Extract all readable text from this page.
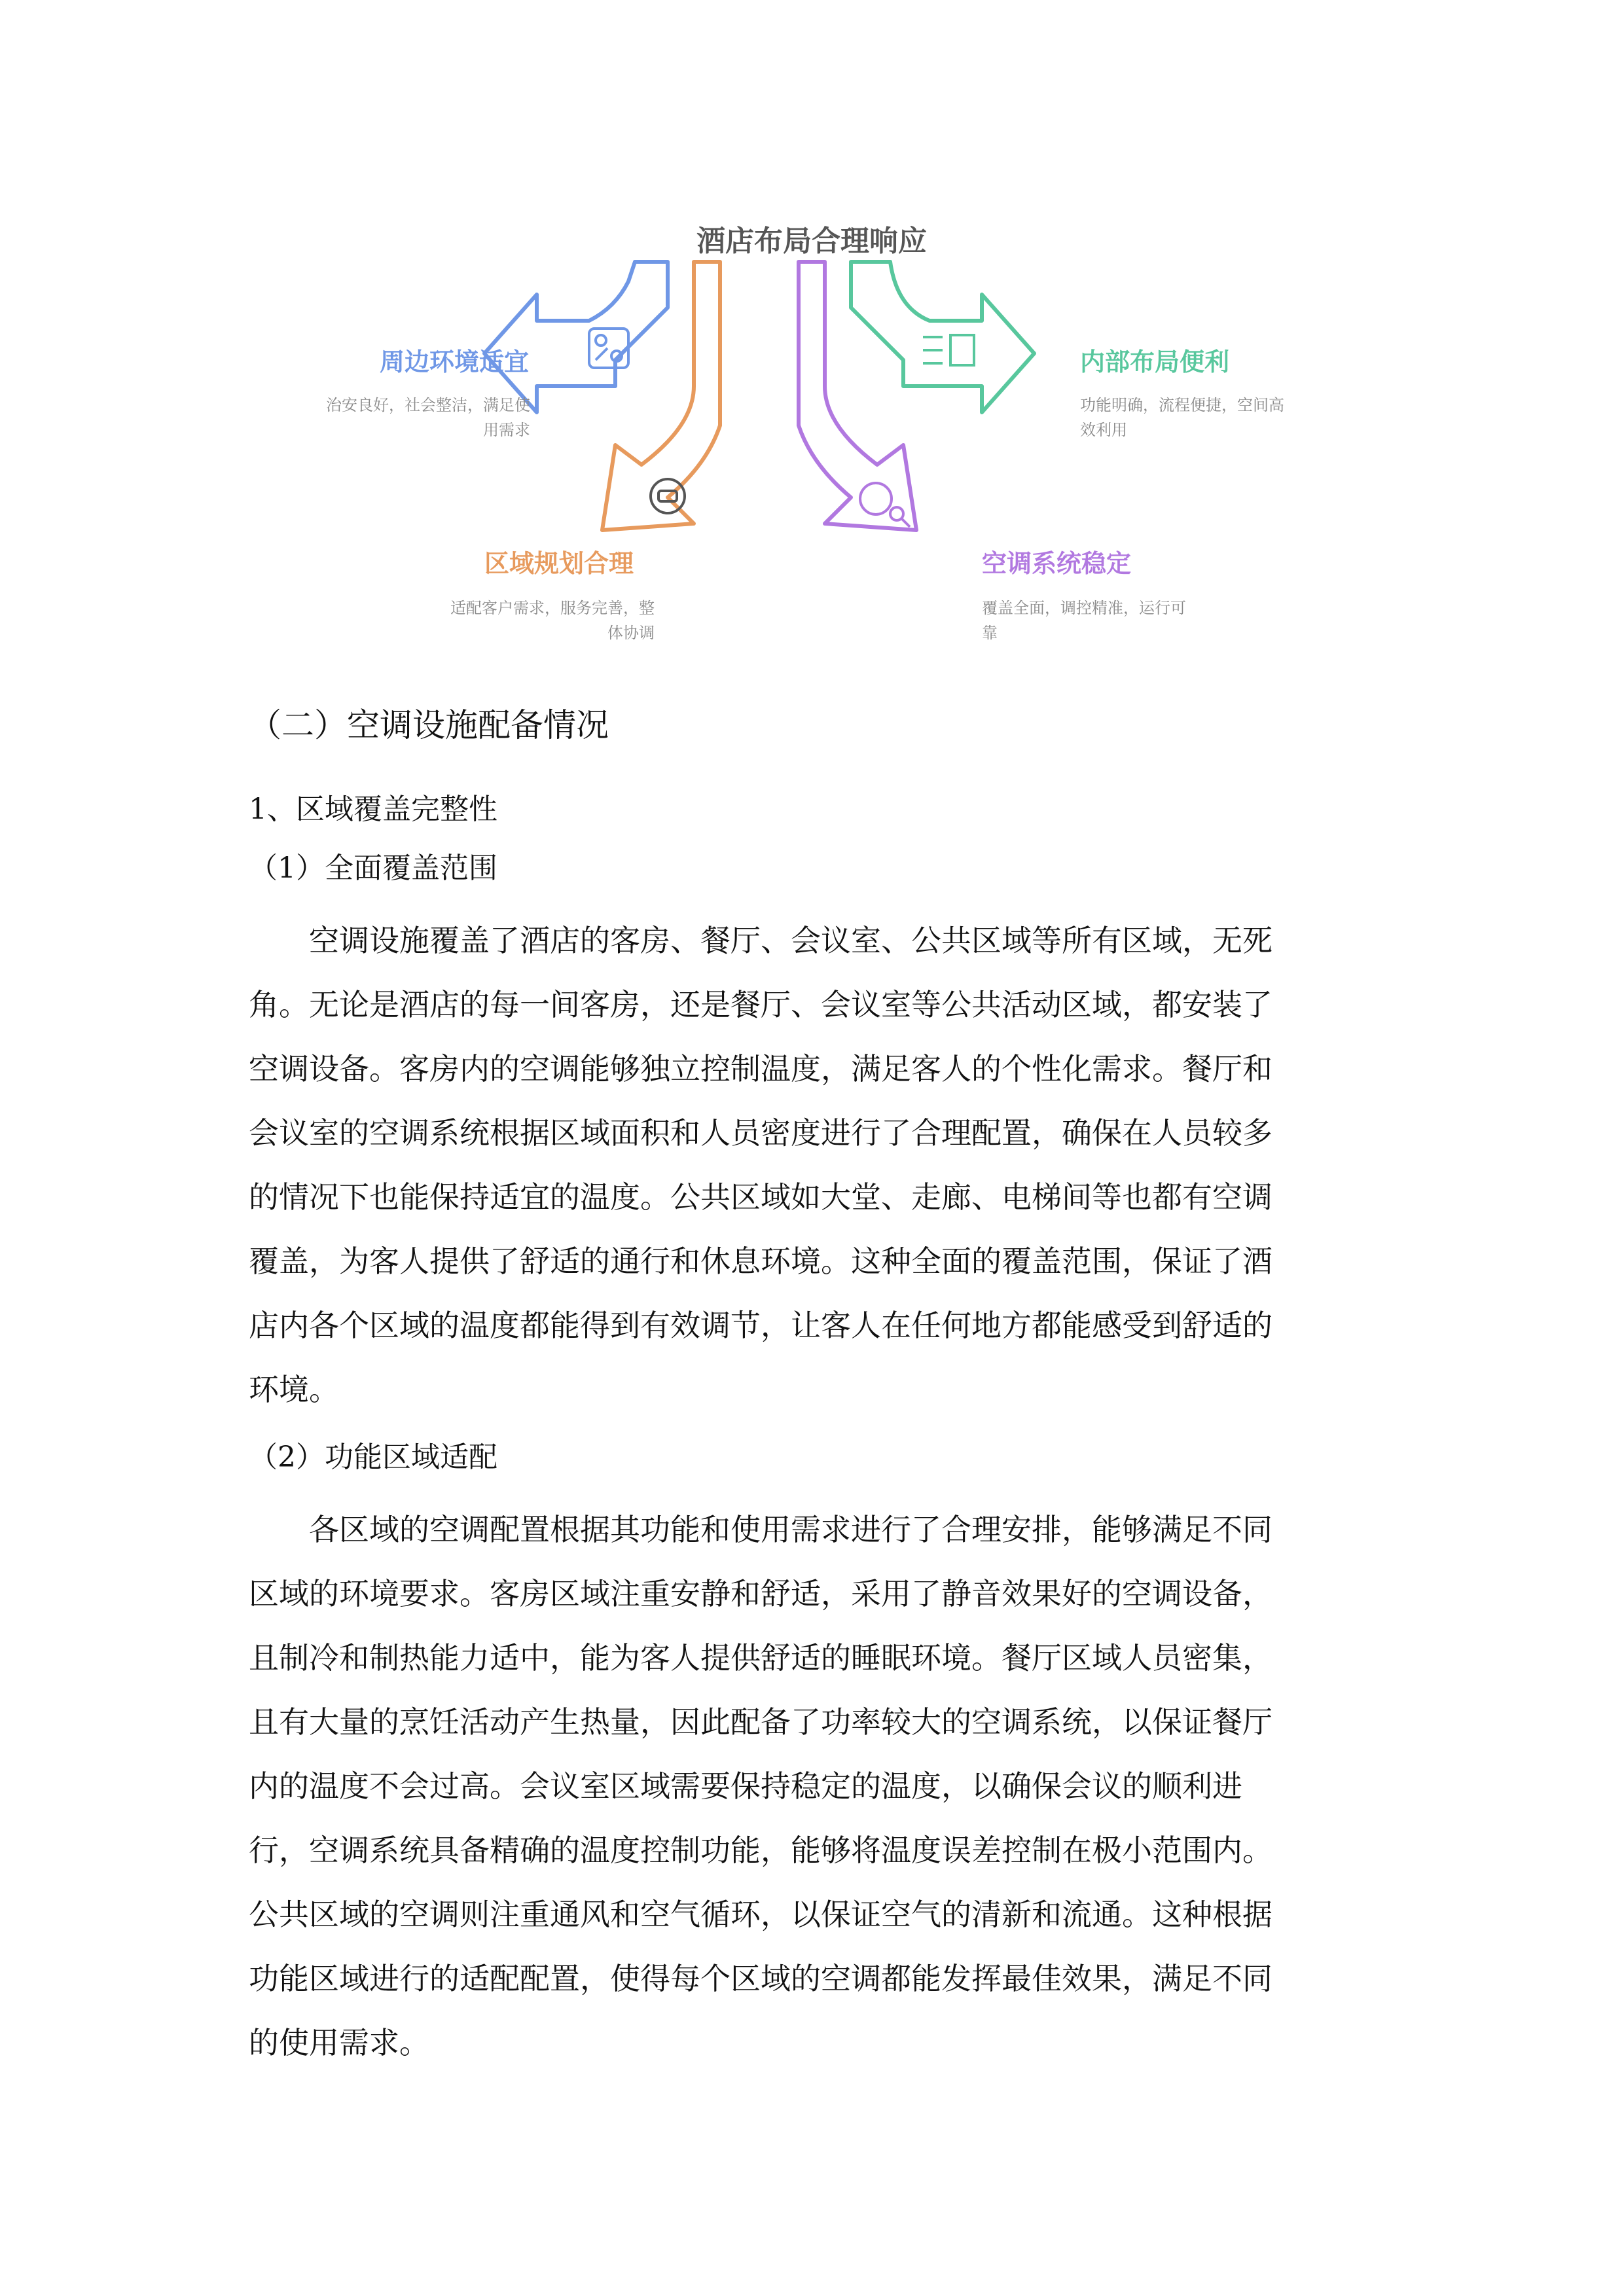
酒店布局合理响应
周边环境适宜
治安良好，社会整洁，满足使
用需求
内部布局便利
功能明确，流程便捷，空间高
效利用
区域规划合理
适配客户需求，服务完善，整
体协调
空调系统稳定
覆盖全面，调控精准，运行可
靠
（二）空调设施配备情况
1、区域覆盖完整性
（1）全面覆盖范围
空调设施覆盖了酒店的客房、餐厅、会议室、公共区域等所有区域，无死
角。无论是酒店的每一间客房，还是餐厅、会议室等公共活动区域，都安装了
空调设备。客房内的空调能够独立控制温度，满足客人的个性化需求。餐厅和
会议室的空调系统根据区域面积和人员密度进行了合理配置，确保在人员较多
的情况下也能保持适宜的温度。公共区域如大堂、走廊、电梯间等也都有空调
覆盖，为客人提供了舒适的通行和休息环境。这种全面的覆盖范围，保证了酒
店内各个区域的温度都能得到有效调节，让客人在任何地方都能感受到舒适的
环境。
（2）功能区域适配
各区域的空调配置根据其功能和使用需求进行了合理安排，能够满足不同
区域的环境要求。客房区域注重安静和舒适，采用了静音效果好的空调设备，
且制冷和制热能力适中，能为客人提供舒适的睡眠环境。餐厅区域人员密集，
且有大量的烹饪活动产生热量，因此配备了功率较大的空调系统，以保证餐厅
内的温度不会过高。会议室区域需要保持稳定的温度，以确保会议的顺利进
行，空调系统具备精确的温度控制功能，能够将温度误差控制在极小范围内。
公共区域的空调则注重通风和空气循环，以保证空气的清新和流通。这种根据
功能区域进行的适配配置，使得每个区域的空调都能发挥最佳效果，满足不同
的使用需求。
